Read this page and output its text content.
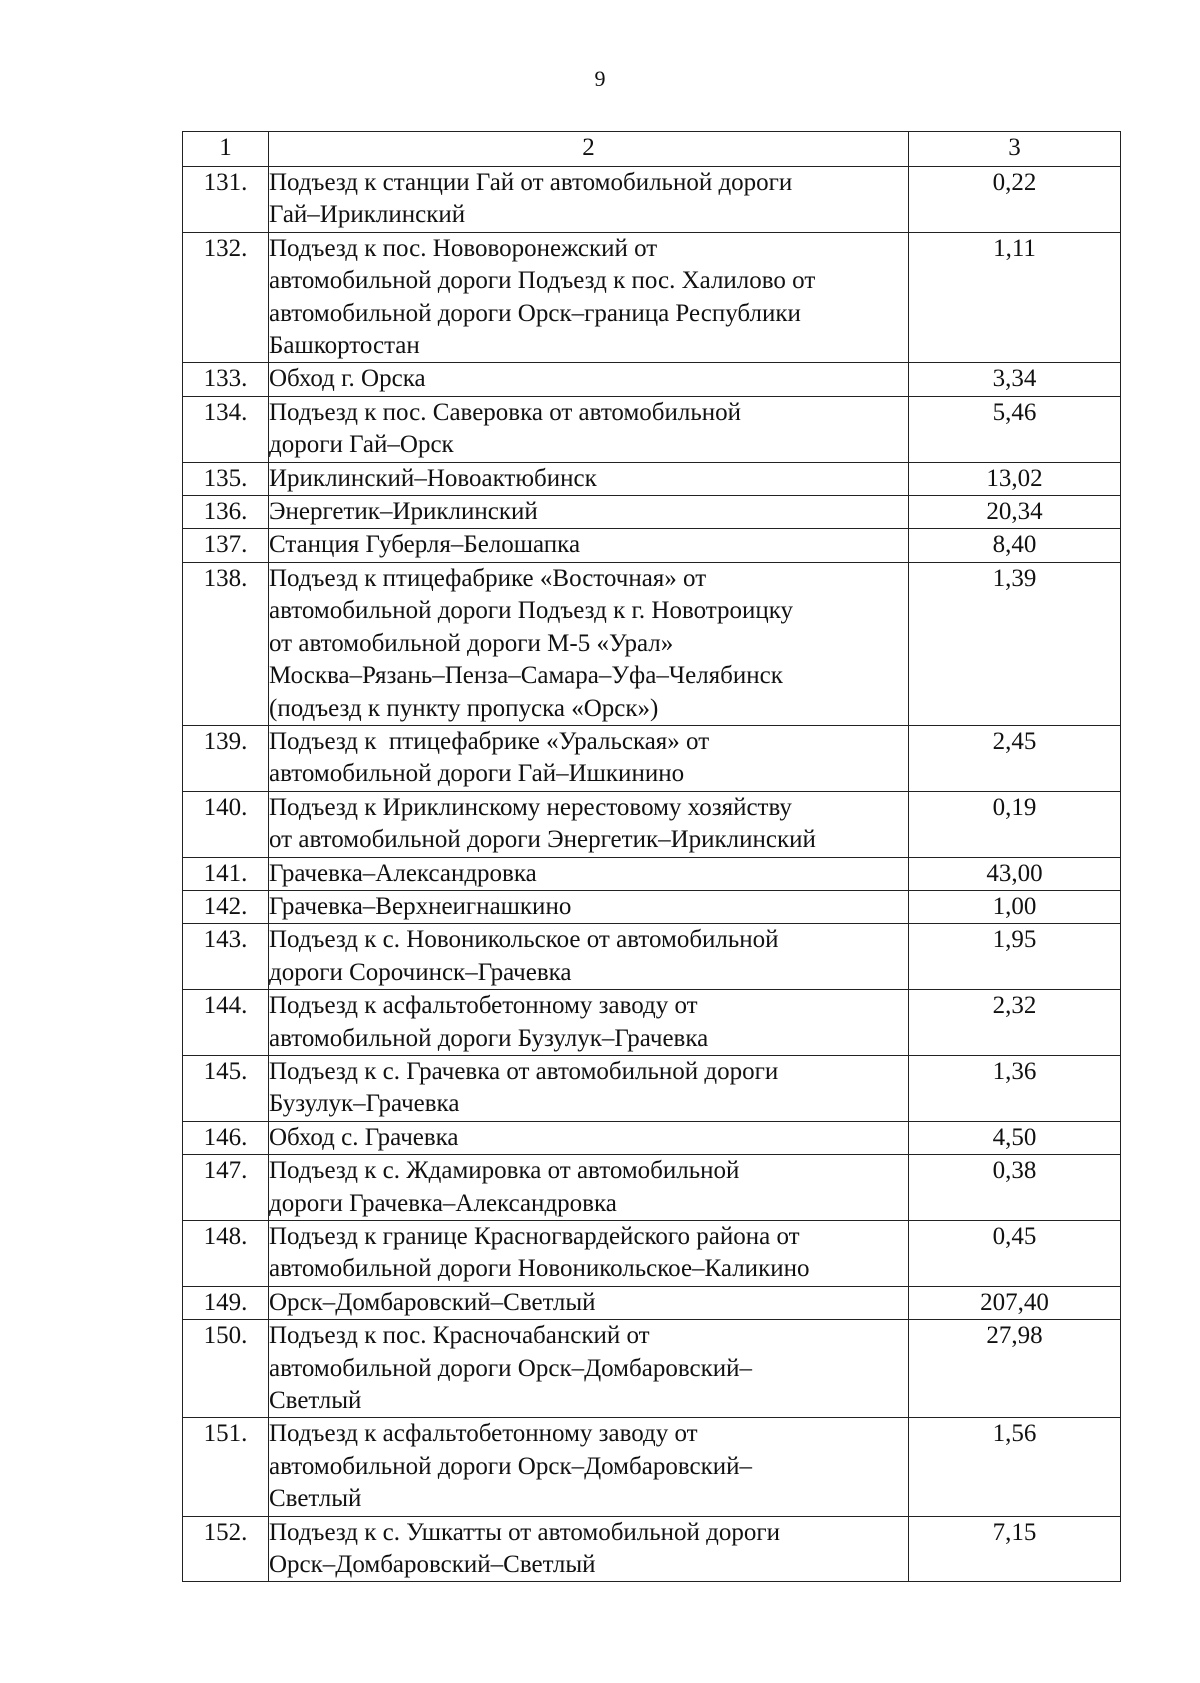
9
1	2	3
131.	Подъезд к станции Гай от автомобильной дороги
Гай–Ириклинский	0,22
132.	Подъезд к пос. Нововоронежский от
автомобильной дороги Подъезд к пос. Халилово от
автомобильной дороги Орск–граница Республики
Башкортостан	1,11
133.	Обход г. Орска	3,34
134.	Подъезд к пос. Саверовка от автомобильной
дороги Гай–Орск	5,46
135.	Ириклинский–Новоактюбинск	13,02
136.	Энергетик–Ириклинский	20,34
137.	Станция Губерля–Белошапка	8,40
138.	Подъезд к птицефабрике «Восточная» от
автомобильной дороги Подъезд к г. Новотроицку
от автомобильной дороги М-5 «Урал»
Москва–Рязань–Пенза–Самара–Уфа–Челябинск
(подъезд к пункту пропуска «Орск»)	1,39
139.	Подъезд к  птицефабрике «Уральская» от
автомобильной дороги Гай–Ишкинино	2,45
140.	Подъезд к Ириклинскому нерестовому хозяйству
от автомобильной дороги Энергетик–Ириклинский	0,19
141.	Грачевка–Александровка	43,00
142.	Грачевка–Верхнеигнашкино	1,00
143.	Подъезд к с. Новоникольское от автомобильной
дороги Сорочинск–Грачевка	1,95
144.	Подъезд к асфальтобетонному заводу от
автомобильной дороги Бузулук–Грачевка	2,32
145.	Подъезд к с. Грачевка от автомобильной дороги
Бузулук–Грачевка	1,36
146.	Обход с. Грачевка	4,50
147.	Подъезд к с. Ждамировка от автомобильной
дороги Грачевка–Александровка	0,38
148.	Подъезд к границе Красногвардейского района от
автомобильной дороги Новоникольское–Каликино	0,45
149.	Орск–Домбаровский–Светлый	207,40
150.	Подъезд к пос. Красночабанский от
автомобильной дороги Орск–Домбаровский–
Светлый	27,98
151.	Подъезд к асфальтобетонному заводу от
автомобильной дороги Орск–Домбаровский–
Светлый	1,56
152.	Подъезд к с. Ушкатты от автомобильной дороги
Орск–Домбаровский–Светлый	7,15
